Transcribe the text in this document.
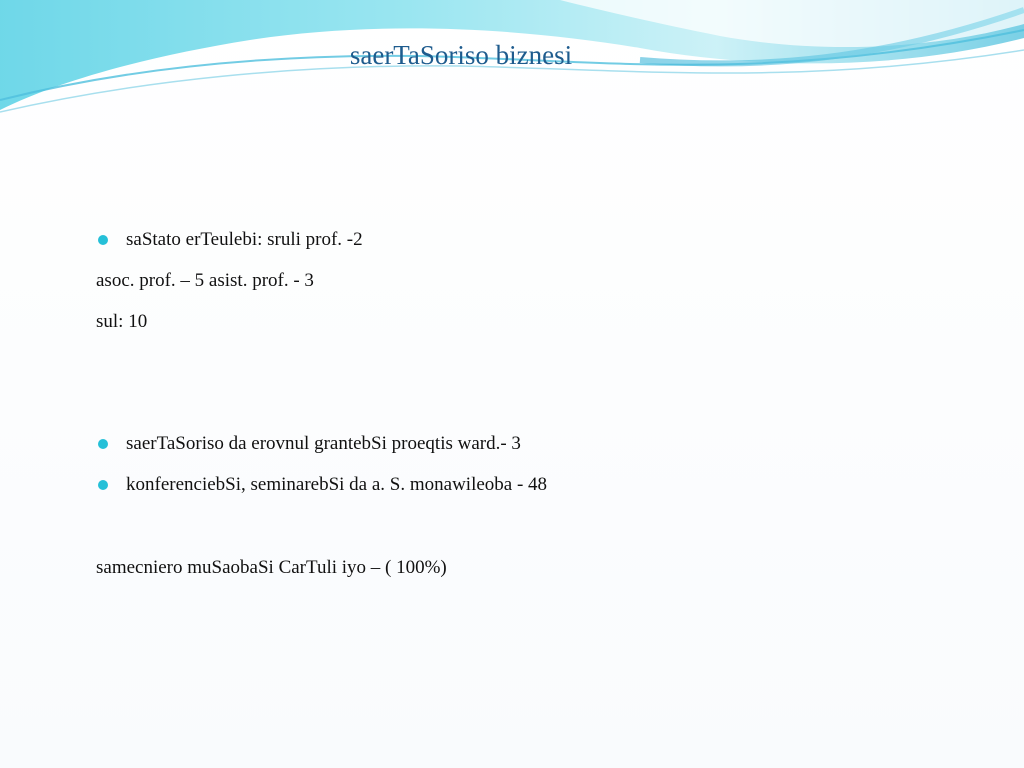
saerTaSoriso biznesi
saStato erTeulebi: sruli prof. -2
asoc. prof. – 5 asist. prof. - 3
sul: 10
saerTaSoriso da erovnul grantebSi proeqtis ward.- 3
konferenciebSi, seminarebSi da a. S. monawileoba - 48
samecniero muSaobaSi CarTuli iyo – ( 100%)
